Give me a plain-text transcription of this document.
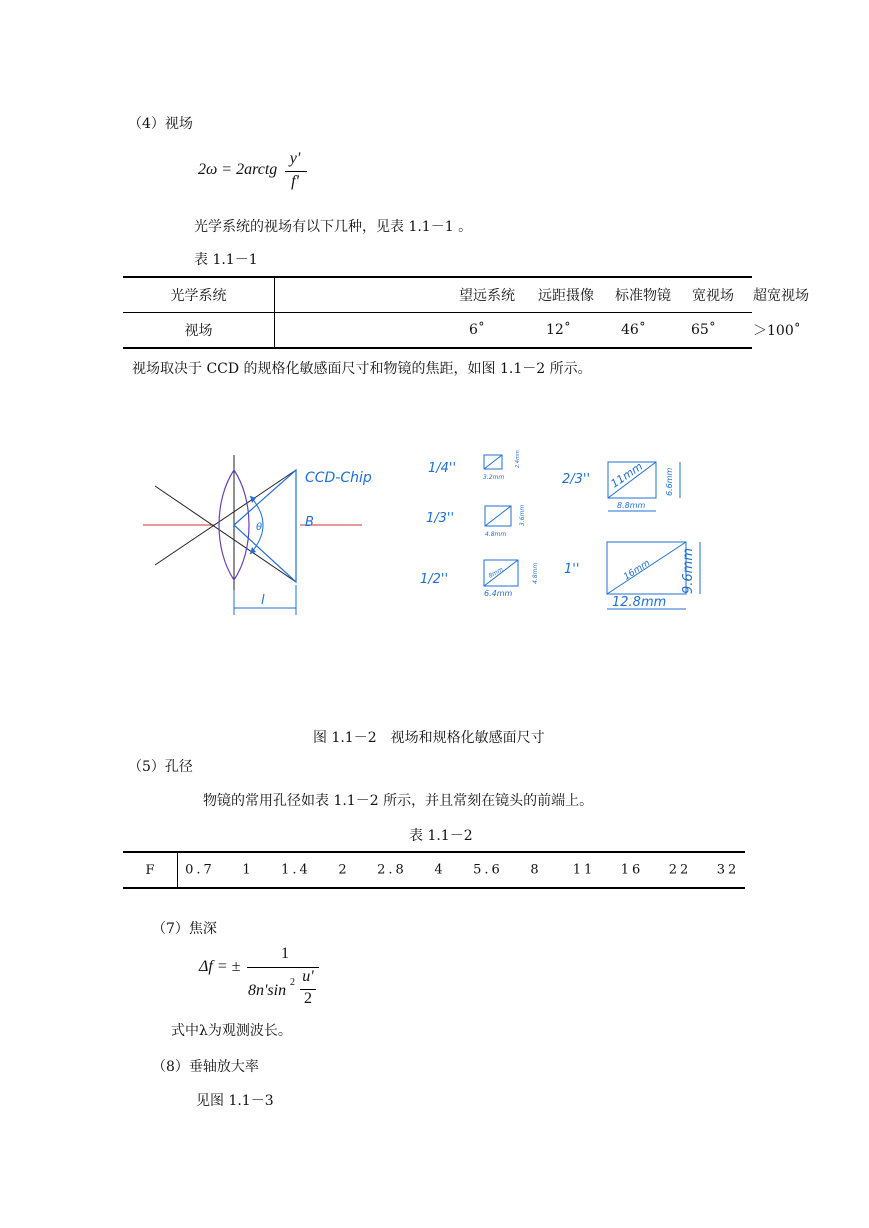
（4）视场
2ω = 2arctg
y'
f'
光学系统的视场有以下几种，见表 1.1－1 。
表 1.1－1
光学系统	望远系统 远距摄像 标准物镜 宽视场 超宽视场

视场	6˚ 12˚ 46˚ 65˚ ＞100˚
视场取决于 CCD 的规格化敏感面尺寸和物镜的焦距，如图 1.1－2 所示。
θ
CCD-Chip
B
l
1/4''
3.2mm
2.4mm
1/3''
4.8mm
3.6mm
1/2''	8mm
6.4mm
4.8mm
2/3'' 11mm
8.8mm
6.6mm
1''	16mm
12.8mm
9.6mm
图 1.1－2　视场和规格化敏感面尺寸
（5）孔径
物镜的常用孔径如表 1.1－2 所示，并且常刻在镜头的前端上。
表 1.1－2
F	0.7 1 1.4 2 2.8 4 5.6 8 11 16 22 32
（7）焦深
Δf = ±
1
8n'sin 2 u'
2
式中λ为观测波长。
（8）垂轴放大率
见图 1.1－3
